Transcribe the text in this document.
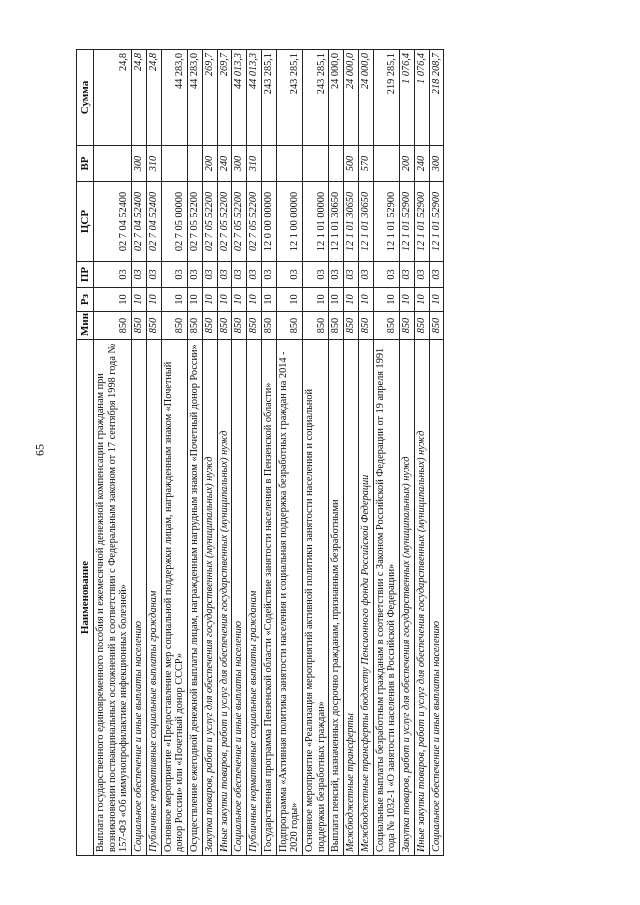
65
Наименование	Мин	Рз	ПР	ЦСР	ВР	Сумма
Выплата государственного единовременного пособия и ежемесячной денежной компенсации гражданам при возникновении поствакцинальных осложнений в соответствии с Федеральным законом от 17 сентября 1998 года № 157-ФЗ «Об иммунопрофилактике инфекционных болезней»	850	10	03	02 7 04 52400		24,8
Социальное обеспечение и иные выплаты населению	850	10	03	02 7 04 52400	300	24,8
Публичные нормативные социальные выплаты гражданам	850	10	03	02 7 04 52400	310	24,8
Основное мероприятие «Предоставление мер социальной поддержки лицам, награжденным знаком «Почетный донор России» или «Почетный донор СССР»	850	10	03	02 7 05 00000		44 283,0
Осуществление ежегодной денежной выплаты лицам, награжденным нагрудным знаком «Почетный донор России»	850	10	03	02 7 05 52200		44 283,0
Закупка товаров, работ и услуг для обеспечения государственных (муниципальных) нужд	850	10	03	02 7 05 52200	200	269,7
Иные закупки товаров, работ и услуг для обеспечения государственных (муниципальных) нужд	850	10	03	02 7 05 52200	240	269,7
Социальное обеспечение и иные выплаты населению	850	10	03	02 7 05 52200	300	44 013,3
Публичные нормативные социальные выплаты гражданам	850	10	03	02 7 05 52200	310	44 013,3
Государственная программа Пензенской области «Содействие занятости населения в Пензенской области»	850	10	03	12 0 00 00000		243 285,1
Подпрограмма «Активная политика занятости населения и социальная поддержка безработных граждан на 2014 - 2020 годы»	850	10	03	12 1 00 00000		243 285,1
Основное мероприятие «Реализация мероприятий активной политики занятости населения и социальной поддержки безработных граждан»	850	10	03	12 1 01 00000		243 285,1
Выплата пенсий, назначенных досрочно гражданам, признанным безработными	850	10	03	12 1 01 30650		24 000,0
Межбюджетные трансферты	850	10	03	12 1 01 30650	500	24 000,0
Межбюджетные трансферты бюджету Пенсионного фонда Российской Федерации	850	10	03	12 1 01 30650	570	24 000,0
Социальные выплаты безработным гражданам в соответствии с Законом Российской Федерации от 19 апреля 1991 года № 1032-1 «О занятости населения в Российской Федерации»	850	10	03	12 1 01 52900		219 285,1
Закупка товаров, работ и услуг для обеспечения государственных (муниципальных) нужд	850	10	03	12 1 01 52900	200	1 076,4
Иные закупки товаров, работ и услуг для обеспечения государственных (муниципальных) нужд	850	10	03	12 1 01 52900	240	1 076,4
Социальное обеспечение и иные выплаты населению	850	10	03	12 1 01 52900	300	218 208,7
